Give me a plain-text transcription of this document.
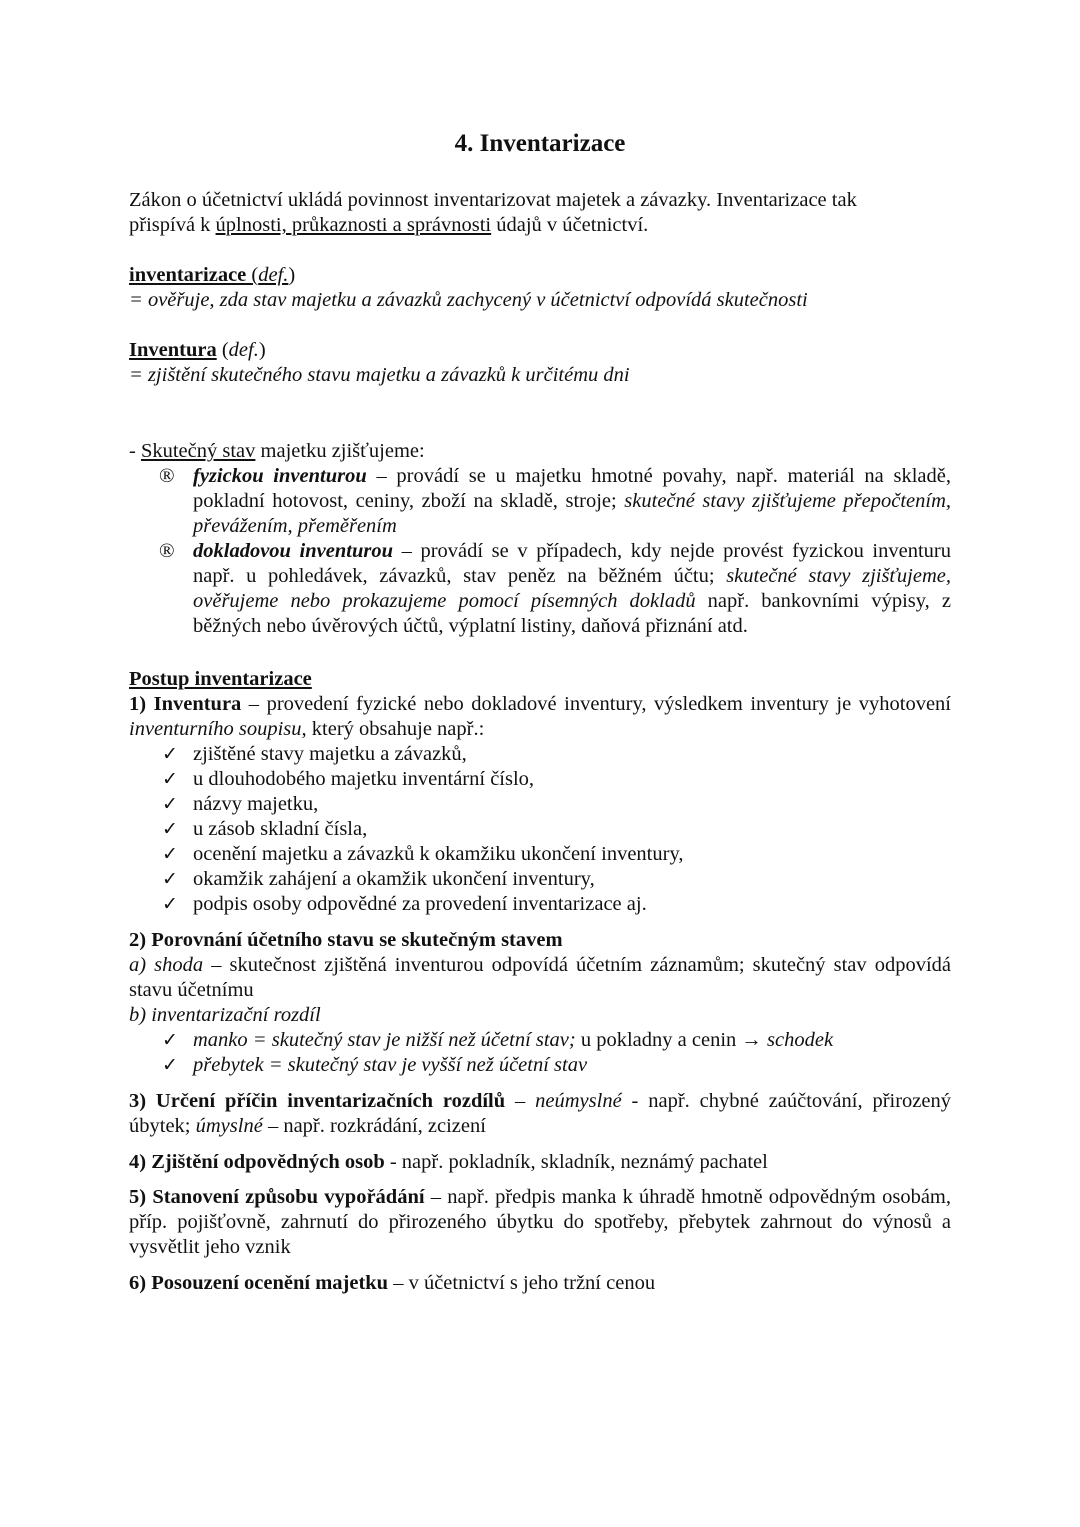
4. Inventarizace

Zákon o účetnictví ukládá povinnost inventarizovat majetek a závazky. Inventarizace tak
přispívá k úplnosti, průkaznosti a správnosti údajů v účetnictví.

inventarizace (def.)

= ověřuje, zda stav majetku a závazků zachycený v účetnictví odpovídá skutečnosti

Inventura (def.)

= zjištění skutečného stavu majetku a závazků k určitému dni

- Skutečný stav majetku zjišťujeme:

® fyzickou inventurou – provádí se u majetku hmotné povahy, např. materiál na skladě, pokladní hotovost, ceniny, zboží na skladě, stroje; skutečné stavy zjišťujeme přepočtením, převážením, přeměřením
® dokladovou inventurou – provádí se v případech, kdy nejde provést fyzickou inventuru např. u pohledávek, závazků, stav peněz na běžném účtu; skutečné stavy zjišťujeme, ověřujeme nebo prokazujeme pomocí písemných dokladů např. bankovními výpisy, z běžných nebo úvěrových účtů, výplatní listiny, daňová přiznání atd.

Postup inventarizace

1) Inventura – provedení fyzické nebo dokladové inventury, výsledkem inventury je vyhotovení inventurního soupisu, který obsahuje např.:

✓ zjištěné stavy majetku a závazků,
✓ u dlouhodobého majetku inventární číslo,
✓ názvy majetku,
✓ u zásob skladní čísla,
✓ ocenění majetku a závazků k okamžiku ukončení inventury,
✓ okamžik zahájení a okamžik ukončení inventury,
✓ podpis osoby odpovědné za provedení inventarizace aj.

2) Porovnání účetního stavu se skutečným stavem

a) shoda – skutečnost zjištěná inventurou odpovídá účetním záznamům; skutečný stav odpovídá stavu účetnímu

b) inventarizační rozdíl

✓ manko = skutečný stav je nižší než účetní stav; u pokladny a cenin → schodek
✓ přebytek = skutečný stav je vyšší než účetní stav

3) Určení příčin inventarizačních rozdílů – neúmyslné - např. chybné zaúčtování, přirozený úbytek; úmyslné – např. rozkrádání, zcizení

4) Zjištění odpovědných osob - např. pokladník, skladník, neznámý pachatel

5) Stanovení způsobu vypořádání – např. předpis manka k úhradě hmotně odpovědným osobám, příp. pojišťovně, zahrnutí do přirozeného úbytku do spotřeby, přebytek zahrnout do výnosů a vysvětlit jeho vznik

6) Posouzení ocenění majetku – v účetnictví s jeho tržní cenou
